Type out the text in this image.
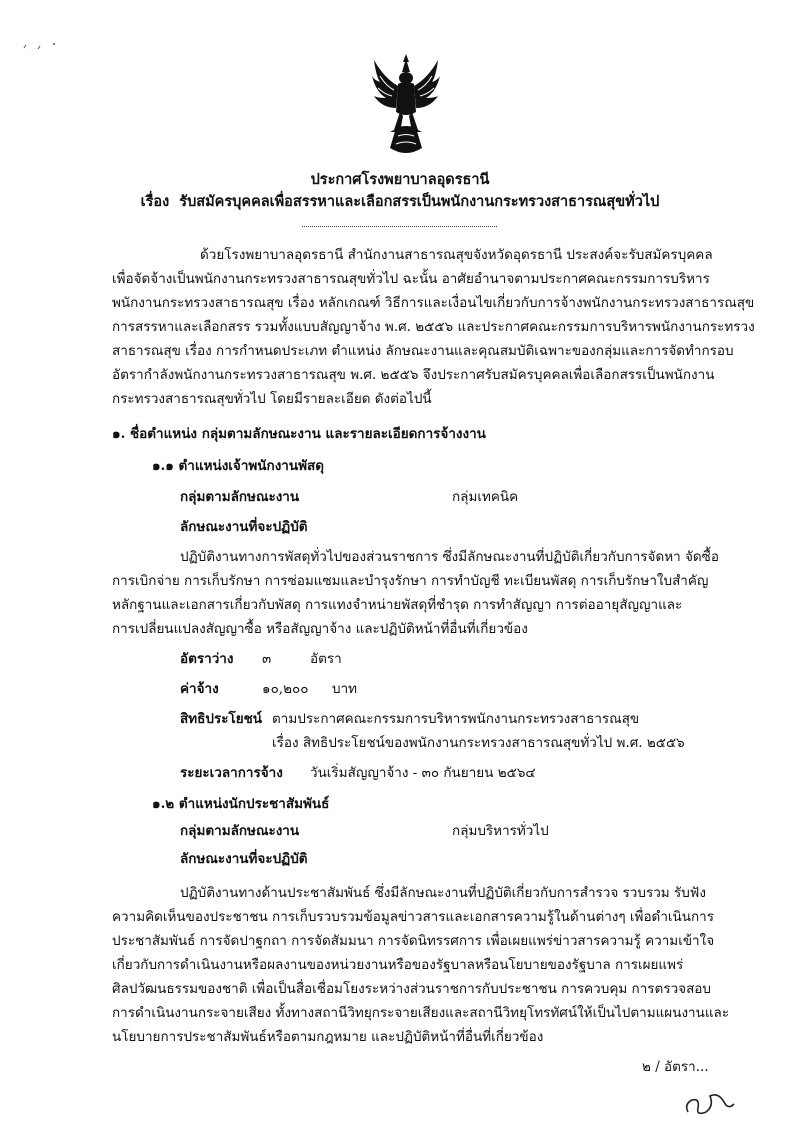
ประกาศโรงพยาบาลอุดรธานี
เรื่อง รับสมัครบุคคลเพื่อสรรหาและเลือกสรรเป็นพนักงานกระทรวงสาธารณสุขทั่วไป
ด้วยโรงพยาบาลอุดรธานี สำนักงานสาธารณสุขจังหวัดอุดรธานี ประสงค์จะรับสมัครบุคคล
เพื่อจัดจ้างเป็นพนักงานกระทรวงสาธารณสุขทั่วไป ฉะนั้น อาศัยอำนาจตามประกาศคณะกรรมการบริหาร
พนักงานกระทรวงสาธารณสุข เรื่อง หลักเกณฑ์ วิธีการและเงื่อนไขเกี่ยวกับการจ้างพนักงานกระทรวงสาธารณสุข
การสรรหาและเลือกสรร รวมทั้งแบบสัญญาจ้าง พ.ศ. ๒๕๕๖ และประกาศคณะกรรมการบริหารพนักงานกระทรวง
สาธารณสุข เรื่อง การกำหนดประเภท ตำแหน่ง ลักษณะงานและคุณสมบัติเฉพาะของกลุ่มและการจัดทำกรอบ
อัตรากำลังพนักงานกระทรวงสาธารณสุข พ.ศ. ๒๕๕๖ จึงประกาศรับสมัครบุคคลเพื่อเลือกสรรเป็นพนักงาน
กระทรวงสาธารณสุขทั่วไป โดยมีรายละเอียด ดังต่อไปนี้
๑. ชื่อตำแหน่ง กลุ่มตามลักษณะงาน และรายละเอียดการจ้างงาน
๑.๑ ตำแหน่งเจ้าพนักงานพัสดุ
กลุ่มตามลักษณะงาน	กลุ่มเทคนิค
ลักษณะงานที่จะปฏิบัติ
ปฏิบัติงานทางการพัสดุทั่วไปของส่วนราชการ ซึ่งมีลักษณะงานที่ปฏิบัติเกี่ยวกับการจัดหา จัดซื้อ
การเบิกจ่าย การเก็บรักษา การซ่อมแซมและบำรุงรักษา การทำบัญชี ทะเบียนพัสดุ การเก็บรักษาใบสำคัญ
หลักฐานและเอกสารเกี่ยวกับพัสดุ การแทงจำหน่ายพัสดุที่ชำรุด การทำสัญญา การต่ออายุสัญญาและ
การเปลี่ยนแปลงสัญญาซื้อ หรือสัญญาจ้าง และปฏิบัติหน้าที่อื่นที่เกี่ยวข้อง
อัตราว่าง ๓	อัตรา
ค่าจ้าง	๑๐,๒๐๐ บาท
สิทธิประโยชน์ ตามประกาศคณะกรรมการบริหารพนักงานกระทรวงสาธารณสุข
เรื่อง สิทธิประโยชน์ของพนักงานกระทรวงสาธารณสุขทั่วไป พ.ศ. ๒๕๕๖
ระยะเวลาการจ้าง วันเริ่มสัญญาจ้าง - ๓๐ กันยายน ๒๕๖๔
๑.๒ ตำแหน่งนักประชาสัมพันธ์
กลุ่มตามลักษณะงาน	กลุ่มบริหารทั่วไป
ลักษณะงานที่จะปฏิบัติ
ปฏิบัติงานทางด้านประชาสัมพันธ์ ซึ่งมีลักษณะงานที่ปฏิบัติเกี่ยวกับการสำรวจ รวบรวม รับฟัง
ความคิดเห็นของประชาชน การเก็บรวบรวมข้อมูลข่าวสารและเอกสารความรู้ในด้านต่างๆ เพื่อดำเนินการ
ประชาสัมพันธ์ การจัดปาฐกถา การจัดสัมมนา การจัดนิทรรศการ เพื่อเผยแพร่ข่าวสารความรู้ ความเข้าใจ
เกี่ยวกับการดำเนินงานหรือผลงานของหน่วยงานหรือของรัฐบาลหรือนโยบายของรัฐบาล การเผยแพร่
ศิลปวัฒนธรรมของชาติ เพื่อเป็นสื่อเชื่อมโยงระหว่างส่วนราชการกับประชาชน การควบคุม การตรวจสอบ
การดำเนินงานกระจายเสียง ทั้งทางสถานีวิทยุกระจายเสียงและสถานีวิทยุโทรทัศน์ให้เป็นไปตามแผนงานและ
นโยบายการประชาสัมพันธ์หรือตามกฎหมาย และปฏิบัติหน้าที่อื่นที่เกี่ยวข้อง
๒ / อัตรา...
